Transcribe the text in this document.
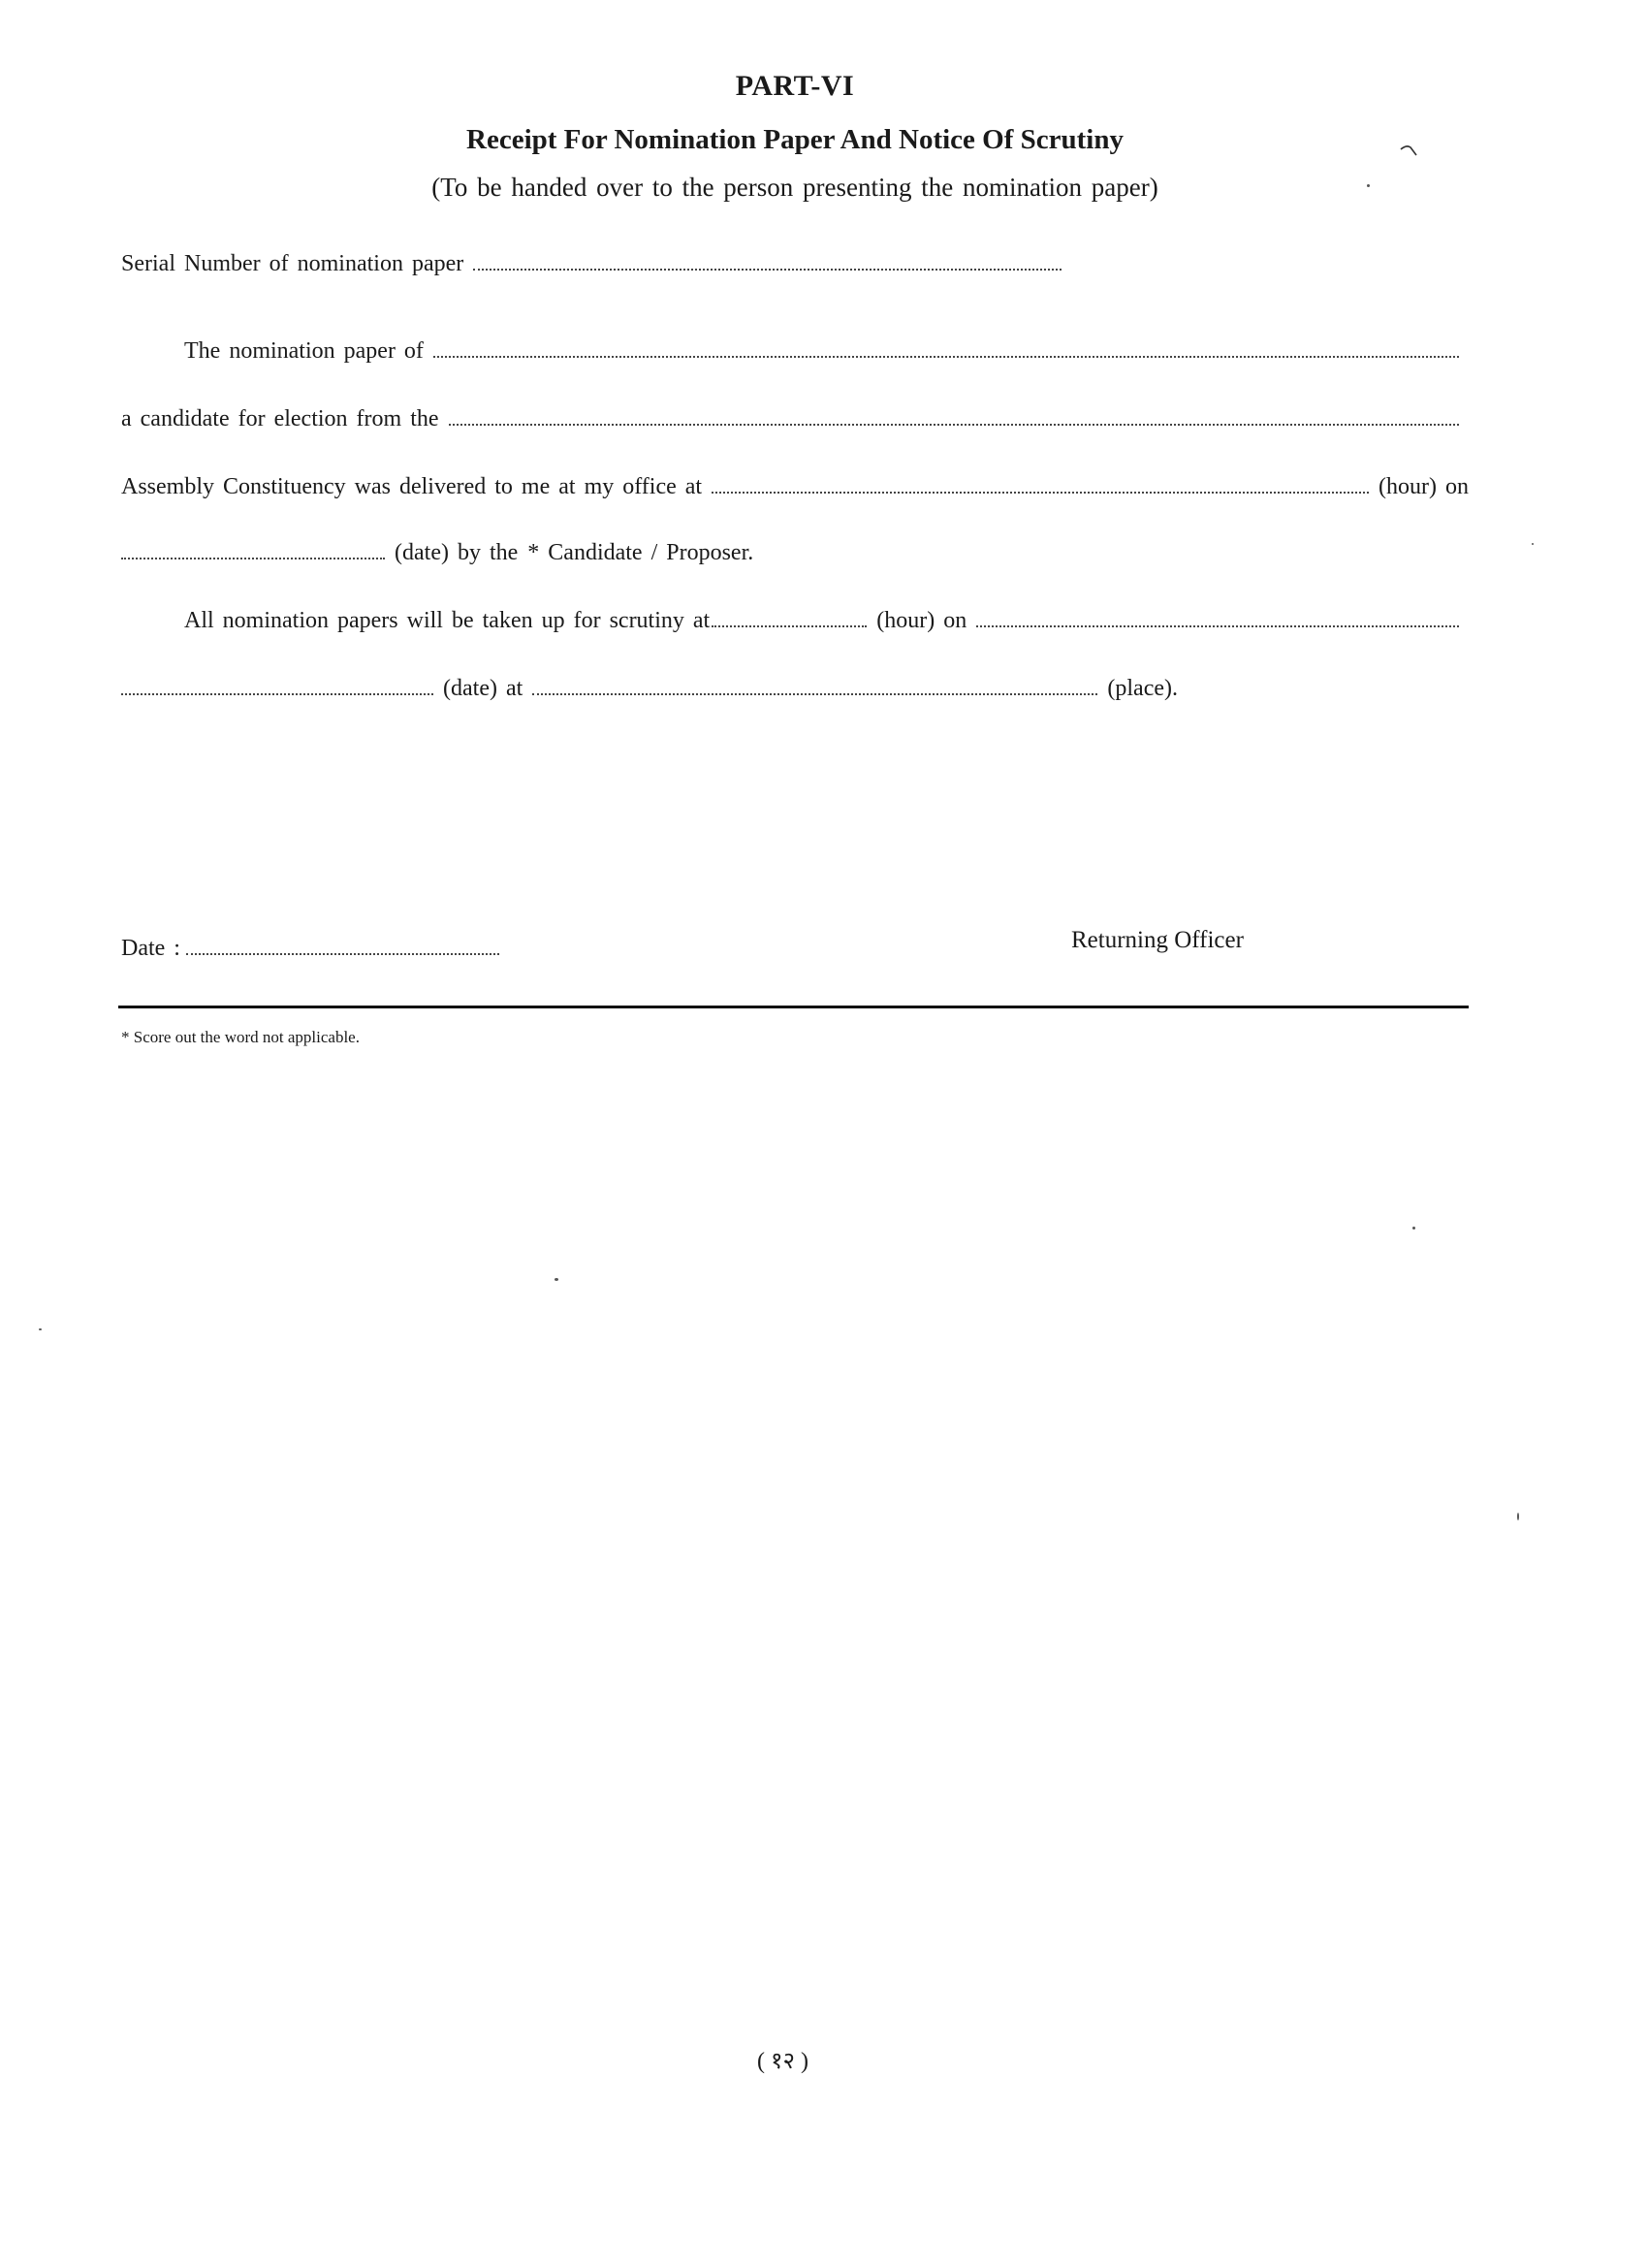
PART-VI
Receipt For Nomination Paper And Notice Of Scrutiny
(To be handed over to the person presenting the nomination paper)
Serial Number of nomination paper
The nomination paper of
a candidate for election from the
Assembly Constituency was delivered to me at my office at	(hour) on
(date) by the * Candidate / Proposer.
All nomination papers will be taken up for scrutiny at	(hour) on
(date) at	(place).
Date :	Returning Officer
* Score out the word not applicable.
( १२ )
